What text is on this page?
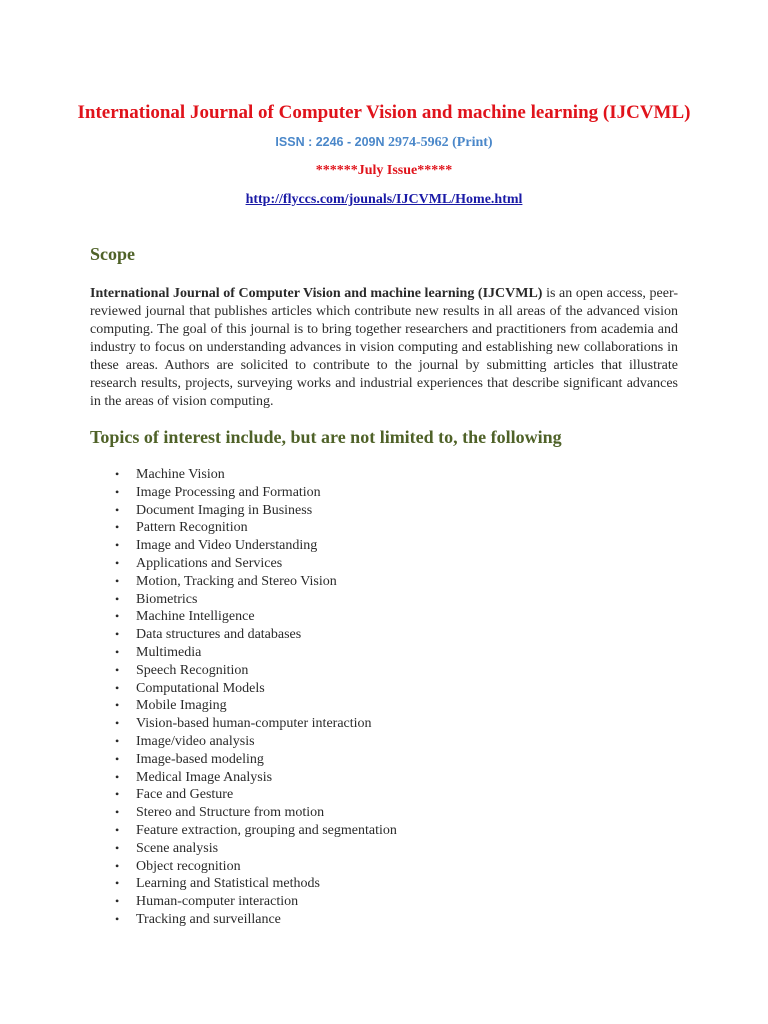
International Journal of Computer Vision and machine learning (IJCVML)
ISSN : 2246 - 209N 2974-5962 (Print)
******July Issue*****
http://flyccs.com/jounals/IJCVML/Home.html
Scope
International Journal of Computer Vision and machine learning (IJCVML) is an open access, peer-reviewed journal that publishes articles which contribute new results in all areas of the advanced vision computing. The goal of this journal is to bring together researchers and practitioners from academia and industry to focus on understanding advances in vision computing and establishing new collaborations in these areas. Authors are solicited to contribute to the journal by submitting articles that illustrate research results, projects, surveying works and industrial experiences that describe significant advances in the areas of vision computing.
Topics of interest include, but are not limited to, the following
• Machine Vision
• Image Processing and Formation
• Document Imaging in Business
• Pattern Recognition
• Image and Video Understanding
• Applications and Services
• Motion, Tracking and Stereo Vision
• Biometrics
• Machine Intelligence
• Data structures and databases
• Multimedia
• Speech Recognition
• Computational Models
• Mobile Imaging
• Vision-based human-computer interaction
• Image/video analysis
• Image-based modeling
• Medical Image Analysis
• Face and Gesture
• Stereo and Structure from motion
• Feature extraction, grouping and segmentation
• Scene analysis
• Object recognition
• Learning and Statistical methods
• Human-computer interaction
• Tracking and surveillance
